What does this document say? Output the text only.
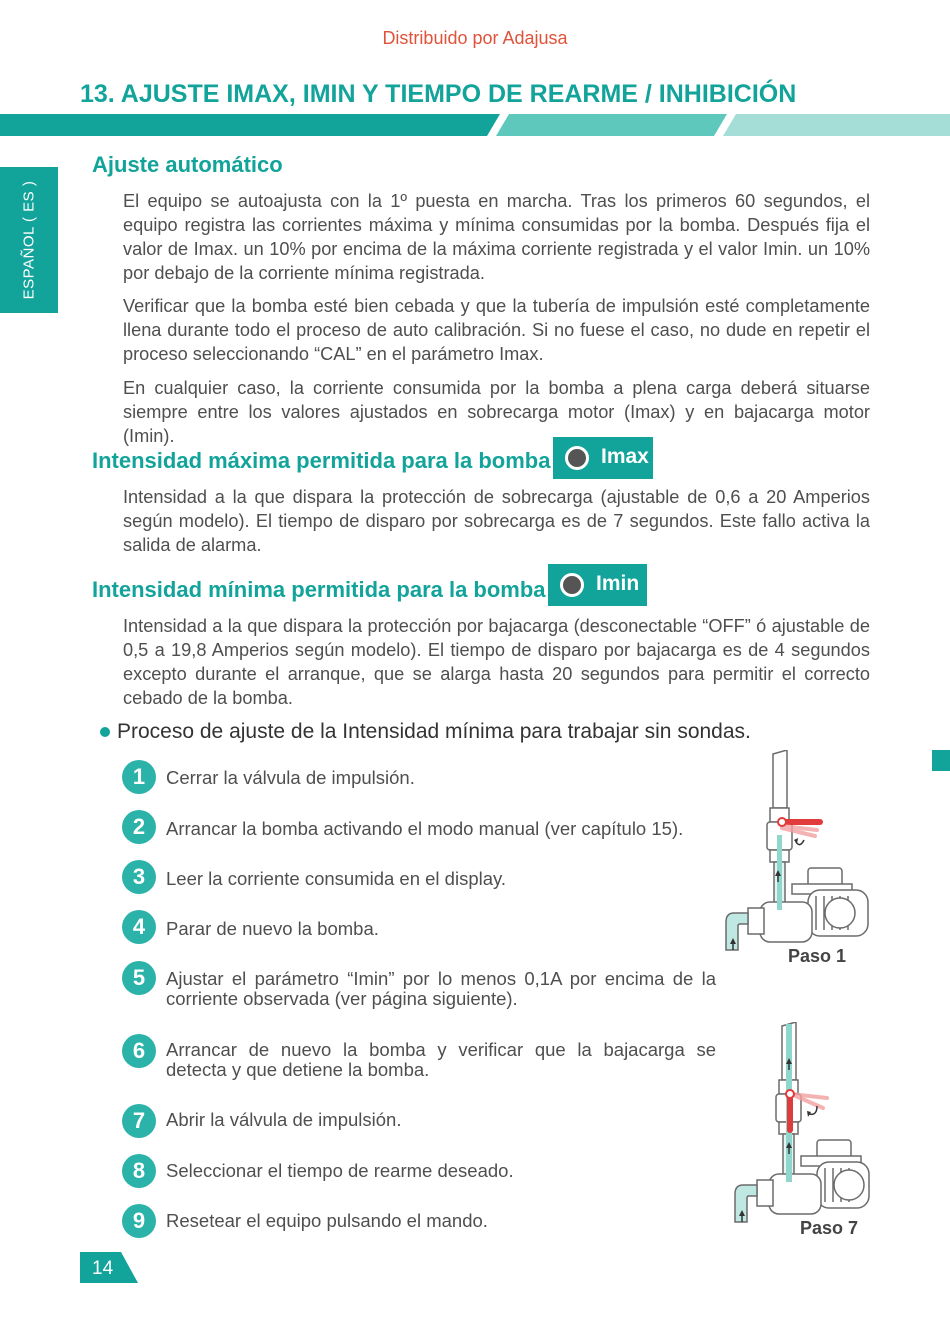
Distribuido por Adajusa
13. AJUSTE IMAX, IMIN Y TIEMPO DE REARME / INHIBICIÓN
ESPAÑOL ( ES )
Ajuste automático

El equipo se autoajusta con la 1º puesta en marcha. Tras los primeros 60 segundos, el equipo registra las corrientes máxima y mínima consumidas por la bomba. Después fija el valor de Imax. un 10% por encima de la máxima corriente registrada y el valor Imin. un 10% por debajo de la corriente mínima registrada.

Verificar que la bomba esté bien cebada y que la tubería de impulsión esté completamente llena durante todo el proceso de auto calibración. Si no fuese el caso, no dude en repetir el proceso seleccionando “CAL” en el parámetro Imax.

En cualquier caso, la corriente consumida por la bomba a plena carga deberá situarse siempre entre los valores ajustados en sobrecarga motor (Imax) y en bajacarga motor (Imin).

Intensidad máxima permitida para la bomba Imax

Intensidad a la que dispara la protección de sobrecarga (ajustable de 0,6 a 20 Amperios según modelo). El tiempo de disparo por sobrecarga es de 7 segundos. Este fallo activa la salida de alarma.

Intensidad mínima permitida para la bomba Imin

Intensidad a la que dispara la protección por bajacarga (desconectable “OFF” ó ajustable de 0,5 a 19,8 Amperios según modelo). El tiempo de disparo por bajacarga es de 4 segundos excepto durante el arranque, que se alarga hasta 20 segundos para permitir el correcto cebado de la bomba.

Proceso de ajuste de la Intensidad mínima para trabajar sin sondas.
1	Cerrar la válvula de impulsión.
2	Arrancar la bomba activando el modo manual (ver capítulo 15).
3	Leer la corriente consumida en el display.
4	Parar de nuevo la bomba.
5	Ajustar el parámetro “Imin” por lo menos 0,1A por encima de la corriente observada (ver página siguiente).
6	Arrancar de nuevo la bomba y verificar que la bajacarga se detecta y que detiene la bomba.
7	Abrir la válvula de impulsión.
8	Seleccionar el tiempo de rearme deseado.
9	Resetear el equipo pulsando el mando.
Paso 1
Paso 7
14
